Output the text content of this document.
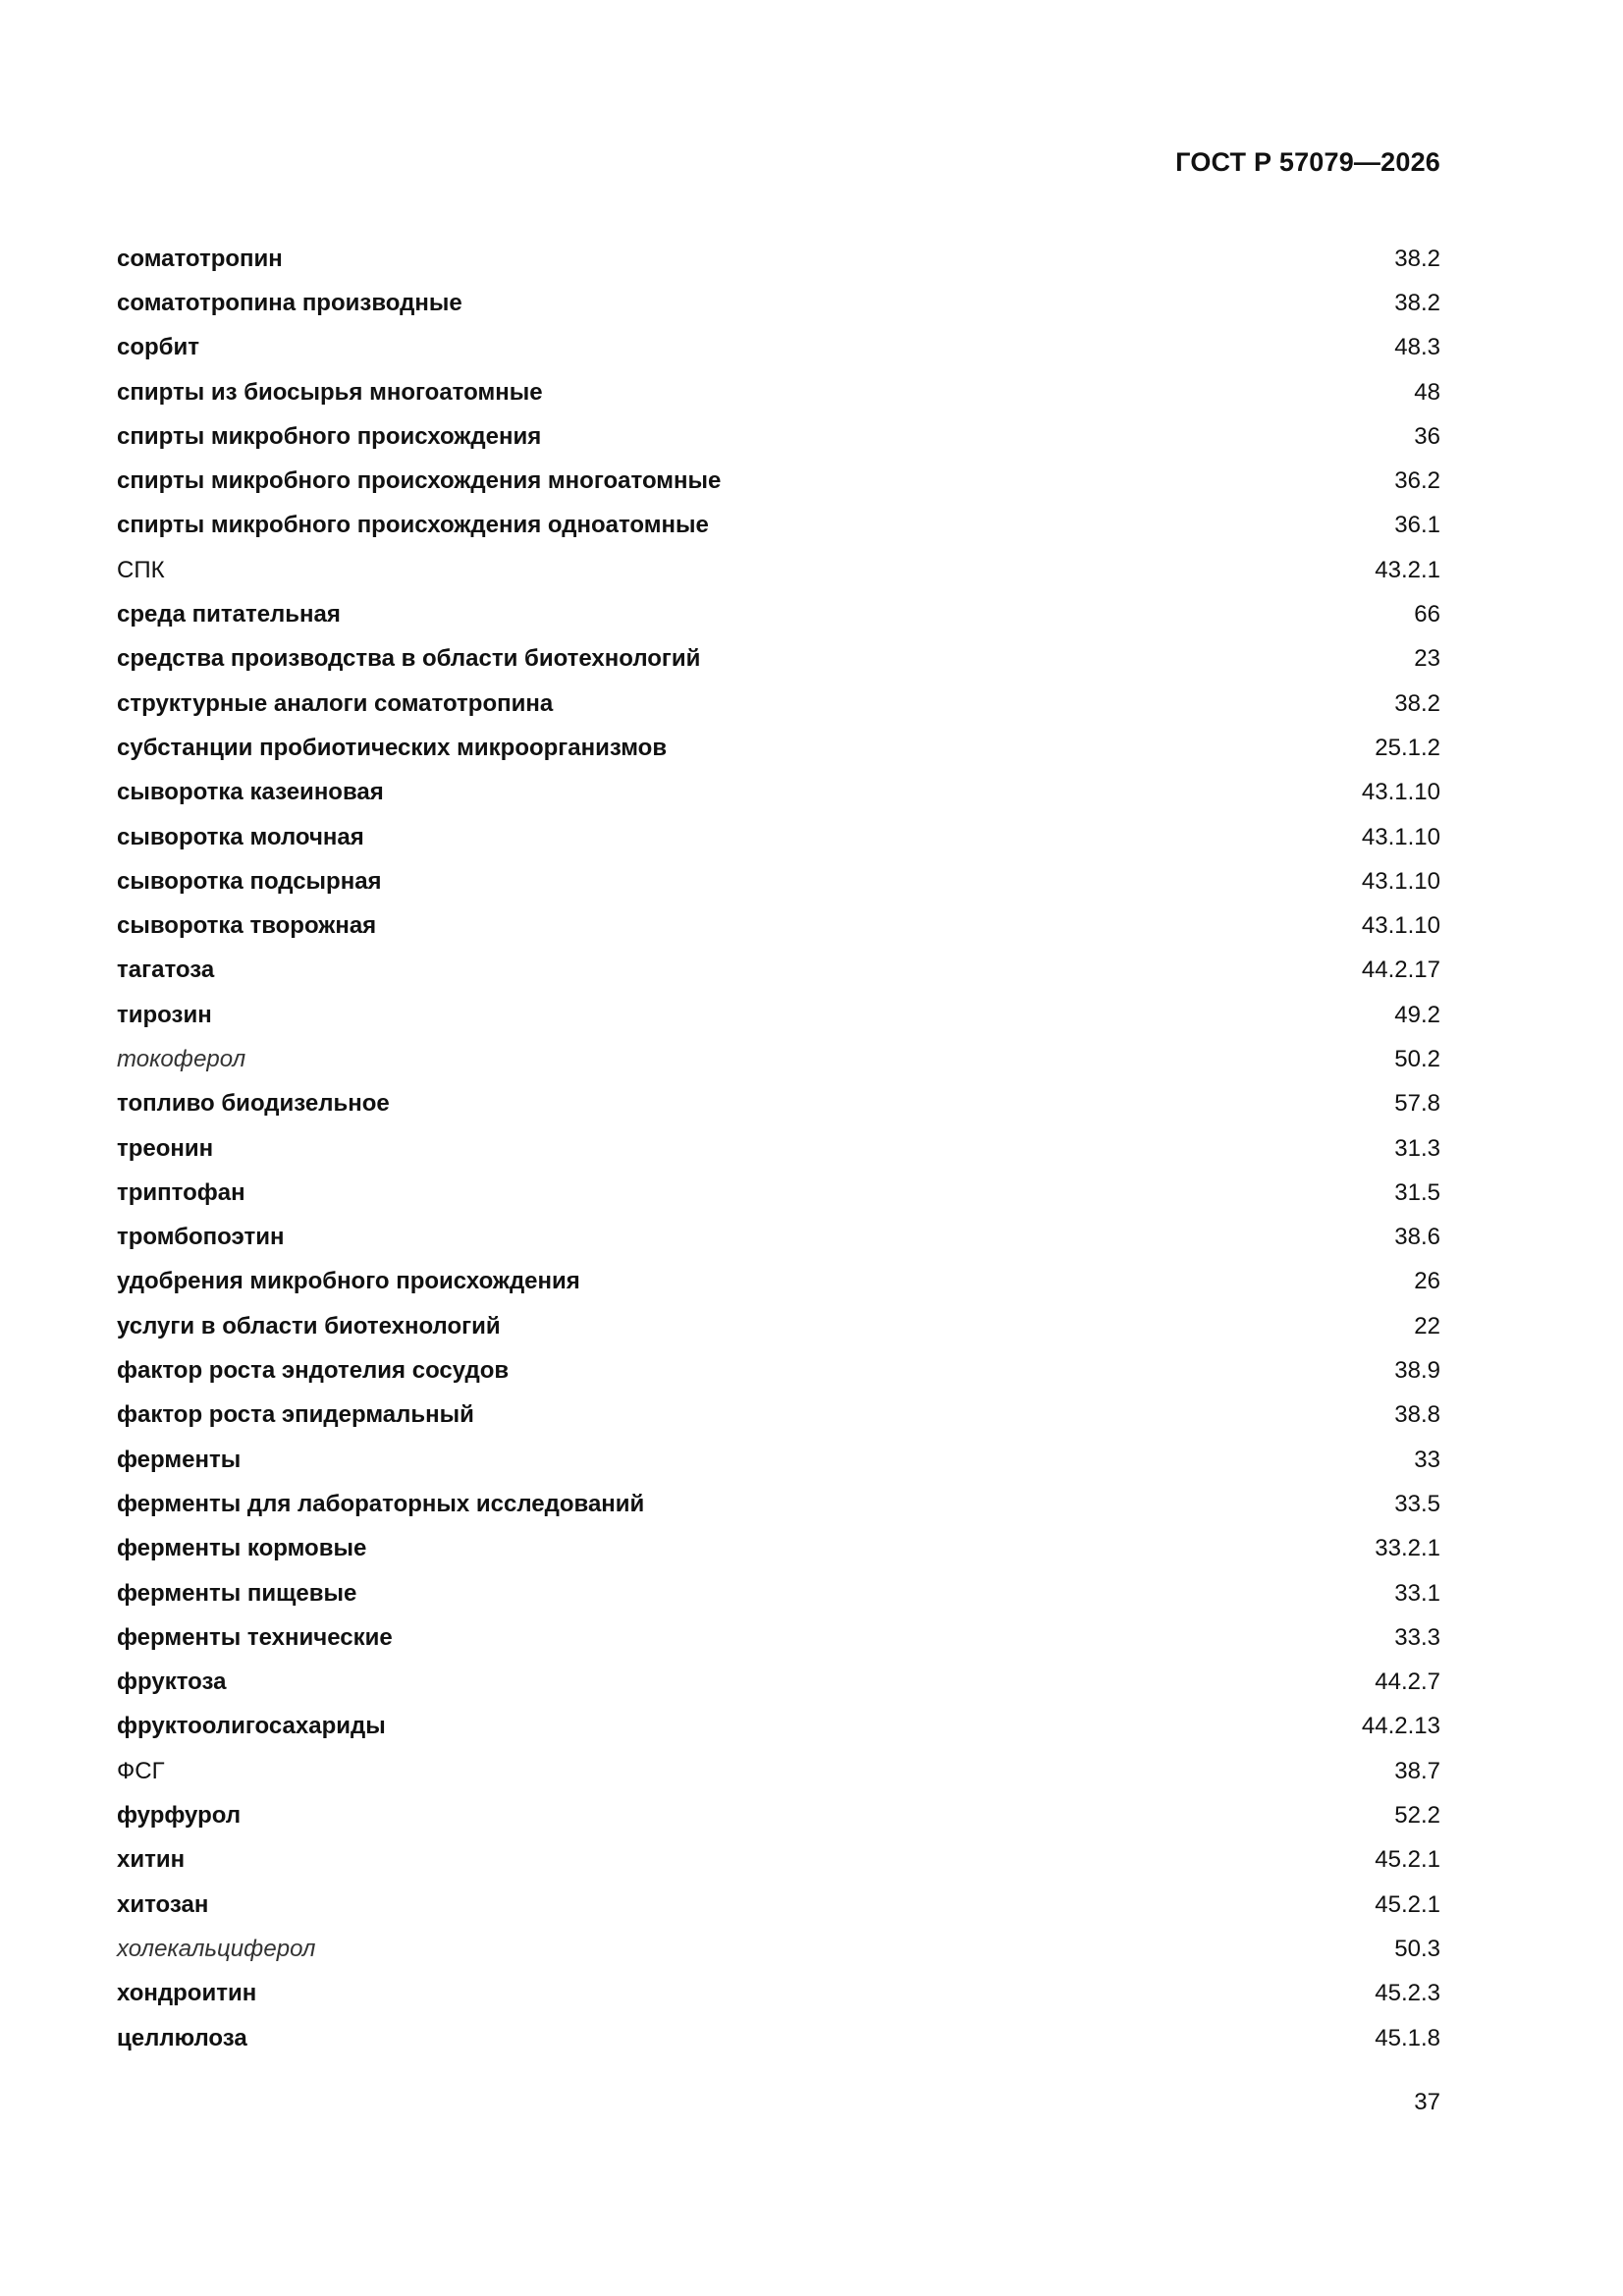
ГОСТ Р 57079—2026
соматотропин	38.2
соматотропина производные	38.2
сорбит	48.3
спирты из биосырья многоатомные	48
спирты микробного происхождения	36
спирты микробного происхождения многоатомные	36.2
спирты микробного происхождения одноатомные	36.1
СПК	43.2.1
среда питательная	66
средства производства в области биотехнологий	23
структурные аналоги соматотропина	38.2
субстанции пробиотических микроорганизмов	25.1.2
сыворотка казеиновая	43.1.10
сыворотка молочная	43.1.10
сыворотка подсырная	43.1.10
сыворотка творожная	43.1.10
тагатоза	44.2.17
тирозин	49.2
токоферол	50.2
топливо биодизельное	57.8
треонин	31.3
триптофан	31.5
тромбопоэтин	38.6
удобрения микробного происхождения	26
услуги в области биотехнологий	22
фактор роста эндотелия сосудов	38.9
фактор роста эпидермальный	38.8
ферменты	33
ферменты для лабораторных исследований	33.5
ферменты кормовые	33.2.1
ферменты пищевые	33.1
ферменты технические	33.3
фруктоза	44.2.7
фруктоолигосахариды	44.2.13
ФСГ	38.7
фурфурол	52.2
хитин	45.2.1
хитозан	45.2.1
холекальциферол	50.3
хондроитин	45.2.3
целлюлоза	45.1.8
37
